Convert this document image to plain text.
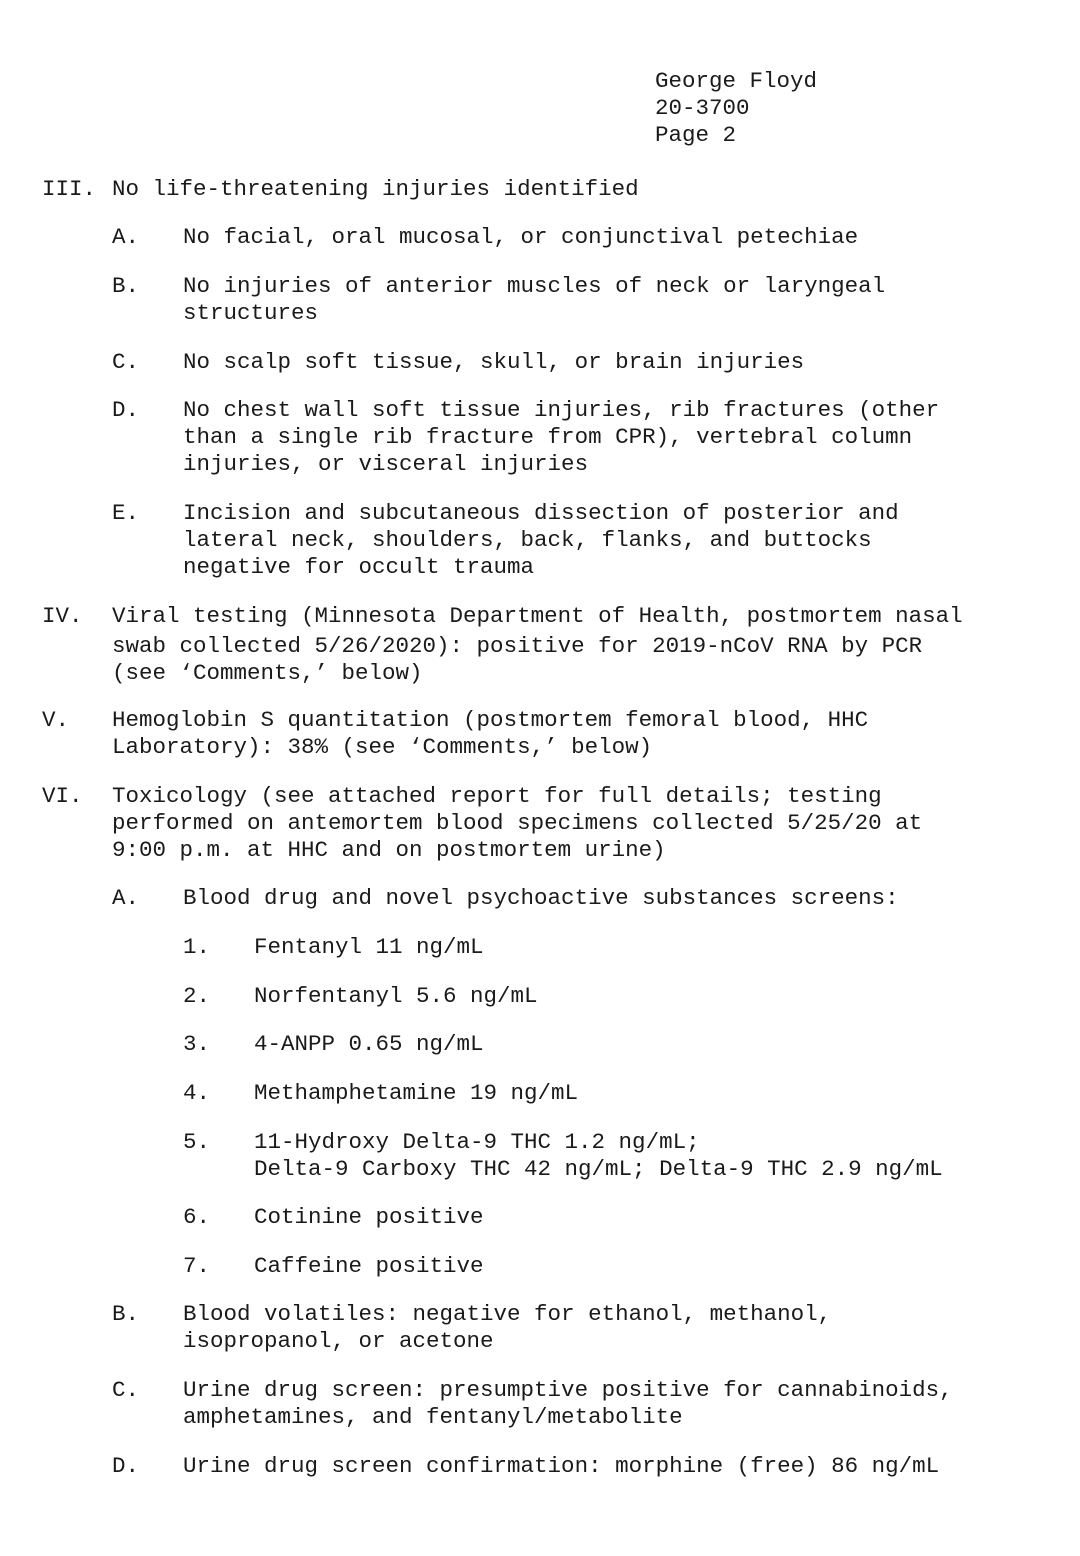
George Floyd
20-3700
Page 2
III. No life-threatening injuries identified
A. No facial, oral mucosal, or conjunctival petechiae
B. No injuries of anterior muscles of neck or laryngeal
structures
C. No scalp soft tissue, skull, or brain injuries
D. No chest wall soft tissue injuries, rib fractures (other
than a single rib fracture from CPR), vertebral column
injuries, or visceral injuries
E. Incision and subcutaneous dissection of posterior and
lateral neck, shoulders, back, flanks, and buttocks
negative for occult trauma
IV. Viral testing (Minnesota Department of Health, postmortem nasal
swab collected 5/26/2020): positive for 2019-nCoV RNA by PCR
(see ‘Comments,’ below)
V. Hemoglobin S quantitation (postmortem femoral blood, HHC
Laboratory): 38% (see ‘Comments,’ below)
VI. Toxicology (see attached report for full details; testing
performed on antemortem blood specimens collected 5/25/20 at
9:00 p.m. at HHC and on postmortem urine)
A. Blood drug and novel psychoactive substances screens:
1. Fentanyl 11 ng/mL
2. Norfentanyl 5.6 ng/mL
3. 4-ANPP 0.65 ng/mL
4. Methamphetamine 19 ng/mL
5. 11-Hydroxy Delta-9 THC 1.2 ng/mL;
Delta-9 Carboxy THC 42 ng/mL; Delta-9 THC 2.9 ng/mL
6. Cotinine positive
7. Caffeine positive
B. Blood volatiles: negative for ethanol, methanol,
isopropanol, or acetone
C. Urine drug screen: presumptive positive for cannabinoids,
amphetamines, and fentanyl/metabolite
D. Urine drug screen confirmation: morphine (free) 86 ng/mL
